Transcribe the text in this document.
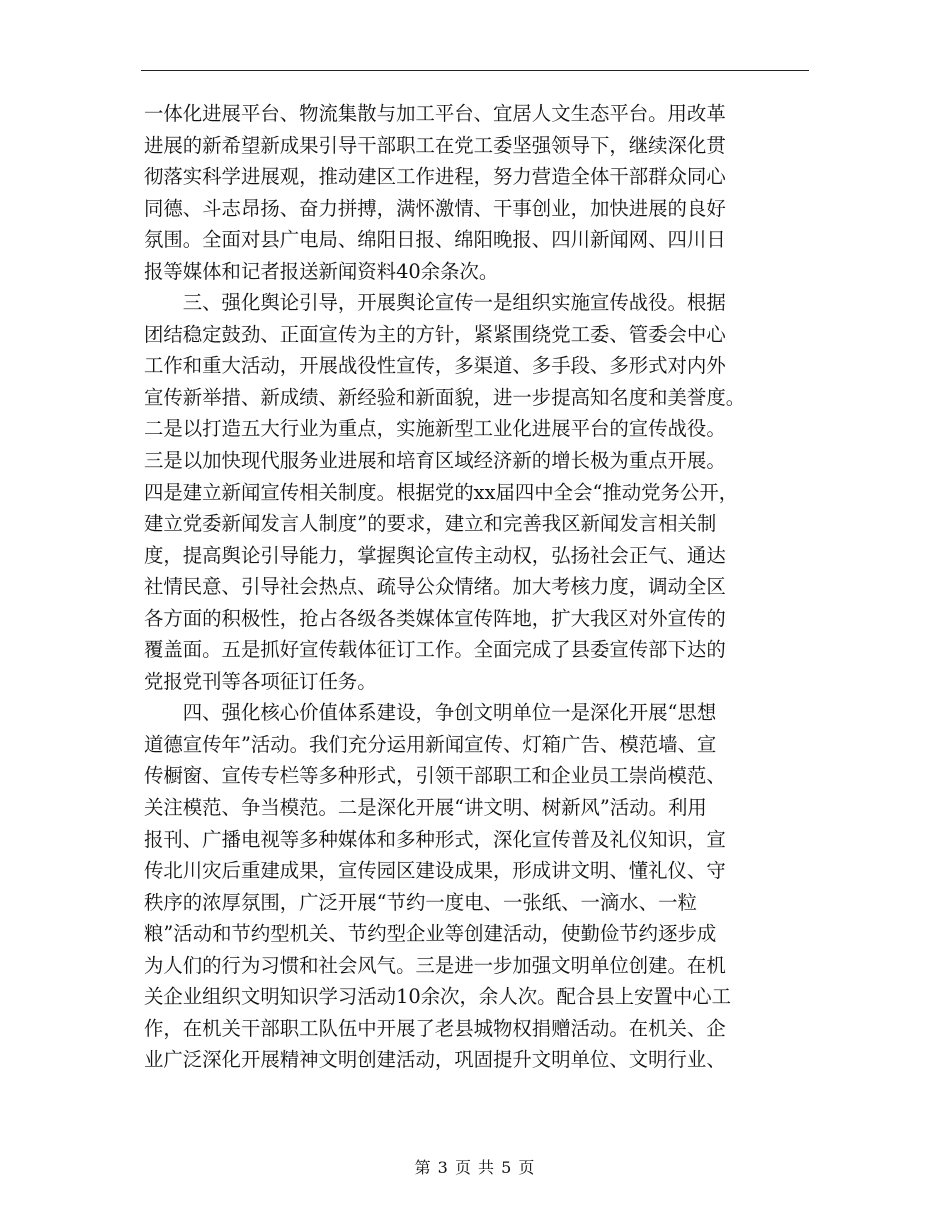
一体化进展平台、物流集散与加工平台、宜居人文生态平台。用改革
进展的新希望新成果引导干部职工在党工委坚强领导下，继续深化贯
彻落实科学进展观，推动建区工作进程，努力营造全体干部群众同心
同德、斗志昂扬、奋力拼搏，满怀激情、干事创业，加快进展的良好
氛围。全面对县广电局、绵阳日报、绵阳晚报、四川新闻网、四川日
报等媒体和记者报送新闻资料40余条次。
　　三、强化舆论引导，开展舆论宣传一是组织实施宣传战役。根据
团结稳定鼓劲、正面宣传为主的方针，紧紧围绕党工委、管委会中心
工作和重大活动，开展战役性宣传，多渠道、多手段、多形式对内外
宣传新举措、新成绩、新经验和新面貌，进一步提高知名度和美誉度。
二是以打造五大行业为重点，实施新型工业化进展平台的宣传战役。
三是以加快现代服务业进展和培育区域经济新的增长极为重点开展。
四是建立新闻宣传相关制度。根据党的xx届四中全会“推动党务公开，
建立党委新闻发言人制度”的要求，建立和完善我区新闻发言相关制
度，提高舆论引导能力，掌握舆论宣传主动权，弘扬社会正气、通达
社情民意、引导社会热点、疏导公众情绪。加大考核力度，调动全区
各方面的积极性，抢占各级各类媒体宣传阵地，扩大我区对外宣传的
覆盖面。五是抓好宣传载体征订工作。全面完成了县委宣传部下达的
党报党刊等各项征订任务。
　　四、强化核心价值体系建设，争创文明单位一是深化开展“思想
道德宣传年”活动。我们充分运用新闻宣传、灯箱广告、模范墙、宣
传橱窗、宣传专栏等多种形式，引领干部职工和企业员工崇尚模范、
关注模范、争当模范。二是深化开展“讲文明、树新风”活动。利用
报刊、广播电视等多种媒体和多种形式，深化宣传普及礼仪知识，宣
传北川灾后重建成果，宣传园区建设成果，形成讲文明、懂礼仪、守
秩序的浓厚氛围，广泛开展“节约一度电、一张纸、一滴水、一粒
粮”活动和节约型机关、节约型企业等创建活动，使勤俭节约逐步成
为人们的行为习惯和社会风气。三是进一步加强文明单位创建。在机
关企业组织文明知识学习活动10余次，余人次。配合县上安置中心工
作，在机关干部职工队伍中开展了老县城物权捐赠活动。在机关、企
业广泛深化开展精神文明创建活动，巩固提升文明单位、文明行业、
第 3 页 共 5 页
